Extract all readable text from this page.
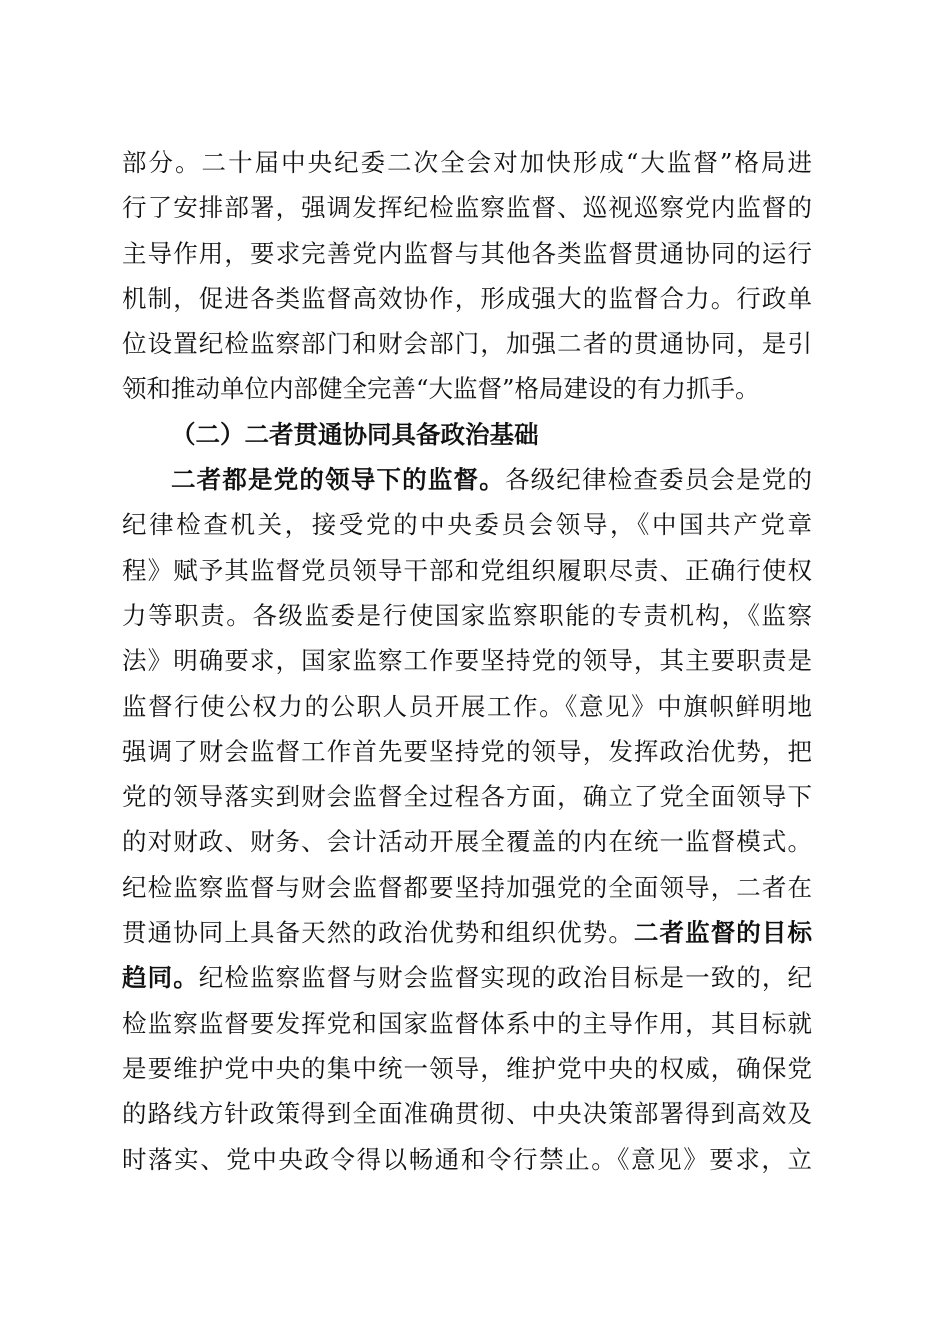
部分。二十届中央纪委二次全会对加快形成“大监督”格局进
行了安排部署，强调发挥纪检监察监督、巡视巡察党内监督的
主导作用，要求完善党内监督与其他各类监督贯通协同的运行
机制，促进各类监督高效协作，形成强大的监督合力。行政单
位设置纪检监察部门和财会部门，加强二者的贯通协同，是引
领和推动单位内部健全完善“大监督”格局建设的有力抓手。
（二）二者贯通协同具备政治基础
二者都是党的领导下的监督。各级纪律检查委员会是党的
纪律检查机关，接受党的中央委员会领导，《中国共产党章
程》赋予其监督党员领导干部和党组织履职尽责、正确行使权
力等职责。各级监委是行使国家监察职能的专责机构，《监察
法》明确要求，国家监察工作要坚持党的领导，其主要职责是
监督行使公权力的公职人员开展工作。《意见》中旗帜鲜明地
强调了财会监督工作首先要坚持党的领导，发挥政治优势，把
党的领导落实到财会监督全过程各方面，确立了党全面领导下
的对财政、财务、会计活动开展全覆盖的内在统一监督模式。
纪检监察监督与财会监督都要坚持加强党的全面领导，二者在
贯通协同上具备天然的政治优势和组织优势。二者监督的目标
趋同。纪检监察监督与财会监督实现的政治目标是一致的，纪
检监察监督要发挥党和国家监督体系中的主导作用，其目标就
是要维护党中央的集中统一领导，维护党中央的权威，确保党
的路线方针政策得到全面准确贯彻、中央决策部署得到高效及
时落实、党中央政令得以畅通和令行禁止。《意见》要求，立
